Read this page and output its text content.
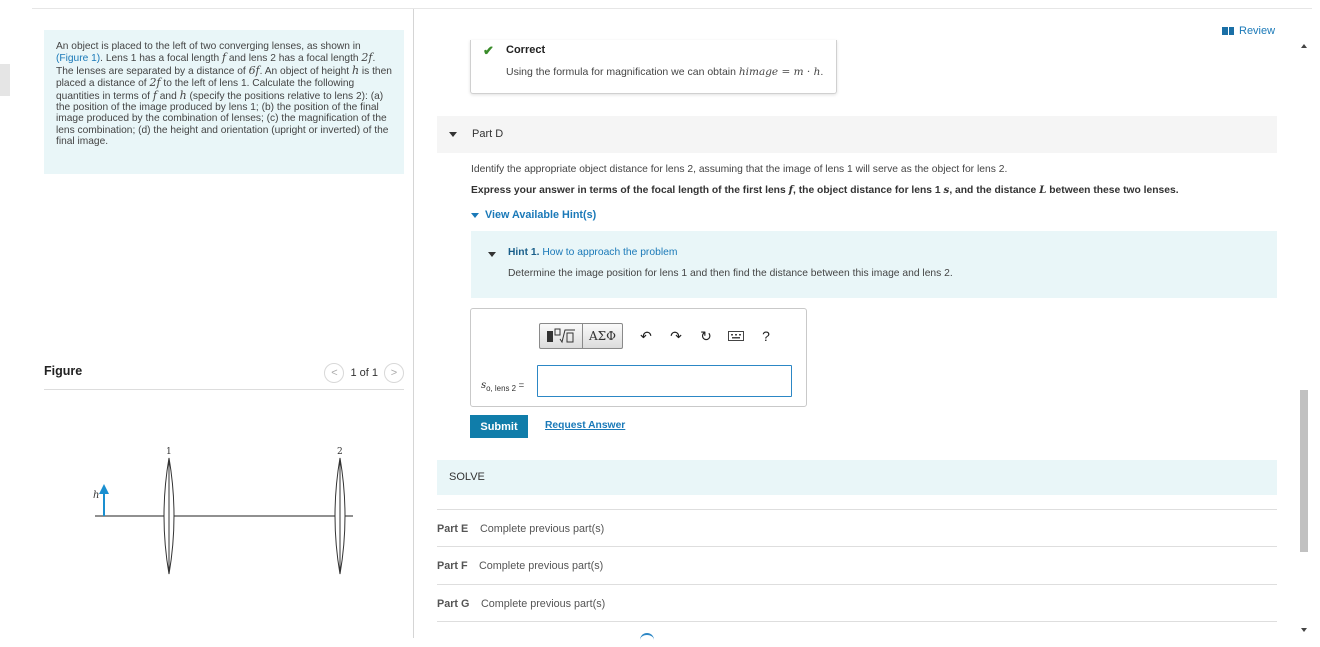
An object is placed to the left of two converging lenses, as shown in (Figure 1). Lens 1 has a focal length f and lens 2 has a focal length 2f. The lenses are separated by a distance of 6f. An object of height h is then placed a distance of 2f to the left of lens 1. Calculate the following quantities in terms of f and h (specify the positions relative to lens 2): (a) the position of the image produced by lens 1; (b) the position of the final image produced by the combination of lenses; (c) the magnification of the lens combination; (d) the height and orientation (upright or inverted) of the final image.
Figure	<	1 of 1	>
h
1	2
Review
✔ Correct
Using the formula for magnification we can obtain himage = m · h.
Part D
Identify the appropriate object distance for lens 2, assuming that the image of lens 1 will serve as the object for lens 2.
Express your answer in terms of the focal length of the first lens f, the object distance for lens 1 s, and the distance L between these two lenses.
View Available Hint(s)
Hint 1. How to approach the problem
Determine the image position for lens 1 and then find the distance between this image and lens 2.
ΑΣΦ	↶	↷	↻	?
$s_{o, lens 2}$ =
Submit	Request Answer
SOLVE
Part E Complete previous part(s)
Part F Complete previous part(s)
Part G Complete previous part(s)
